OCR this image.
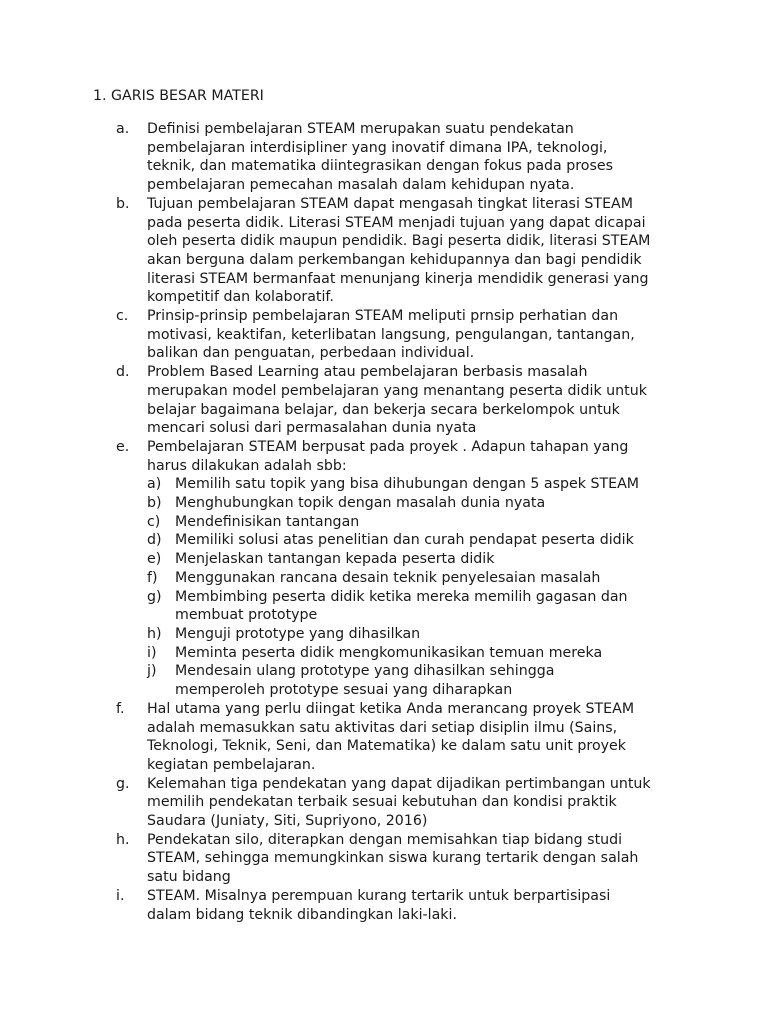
1. GARIS BESAR MATERI
a. Definisi pembelajaran STEAM merupakan suatu pendekatan
pembelajaran interdisipliner yang inovatif dimana IPA, teknologi,
teknik, dan matematika diintegrasikan dengan fokus pada proses
pembelajaran pemecahan masalah dalam kehidupan nyata.
b. Tujuan pembelajaran STEAM dapat mengasah tingkat literasi STEAM
pada peserta didik. Literasi STEAM menjadi tujuan yang dapat dicapai
oleh peserta didik maupun pendidik. Bagi peserta didik, literasi STEAM
akan berguna dalam perkembangan kehidupannya dan bagi pendidik
literasi STEAM bermanfaat menunjang kinerja mendidik generasi yang
kompetitif dan kolaboratif.
c. Prinsip-prinsip pembelajaran STEAM meliputi prnsip perhatian dan
motivasi, keaktifan, keterlibatan langsung, pengulangan, tantangan,
balikan dan penguatan, perbedaan individual.
d. Problem Based Learning atau pembelajaran berbasis masalah
merupakan model pembelajaran yang menantang peserta didik untuk
belajar bagaimana belajar, dan bekerja secara berkelompok untuk
mencari solusi dari permasalahan dunia nyata
e. Pembelajaran STEAM berpusat pada proyek . Adapun tahapan yang
harus dilakukan adalah sbb:
a) Memilih satu topik yang bisa dihubungan dengan 5 aspek STEAM
b) Menghubungkan topik dengan masalah dunia nyata
c) Mendefinisikan tantangan
d) Memiliki solusi atas penelitian dan curah pendapat peserta didik
e) Menjelaskan tantangan kepada peserta didik
f) Menggunakan rancana desain teknik penyelesaian masalah
g) Membimbing peserta didik ketika mereka memilih gagasan dan
membuat prototype
h) Menguji prototype yang dihasilkan
i) Meminta peserta didik mengkomunikasikan temuan mereka
j) Mendesain ulang prototype yang dihasilkan sehingga
memperoleh prototype sesuai yang diharapkan
f. Hal utama yang perlu diingat ketika Anda merancang proyek STEAM
adalah memasukkan satu aktivitas dari setiap disiplin ilmu (Sains,
Teknologi, Teknik, Seni, dan Matematika) ke dalam satu unit proyek
kegiatan pembelajaran.
g. Kelemahan tiga pendekatan yang dapat dijadikan pertimbangan untuk
memilih pendekatan terbaik sesuai kebutuhan dan kondisi praktik
Saudara (Juniaty, Siti, Supriyono, 2016)
h. Pendekatan silo, diterapkan dengan memisahkan tiap bidang studi
STEAM, sehingga memungkinkan siswa kurang tertarik dengan salah
satu bidang
i. STEAM. Misalnya perempuan kurang tertarik untuk berpartisipasi
dalam bidang teknik dibandingkan laki-laki.
